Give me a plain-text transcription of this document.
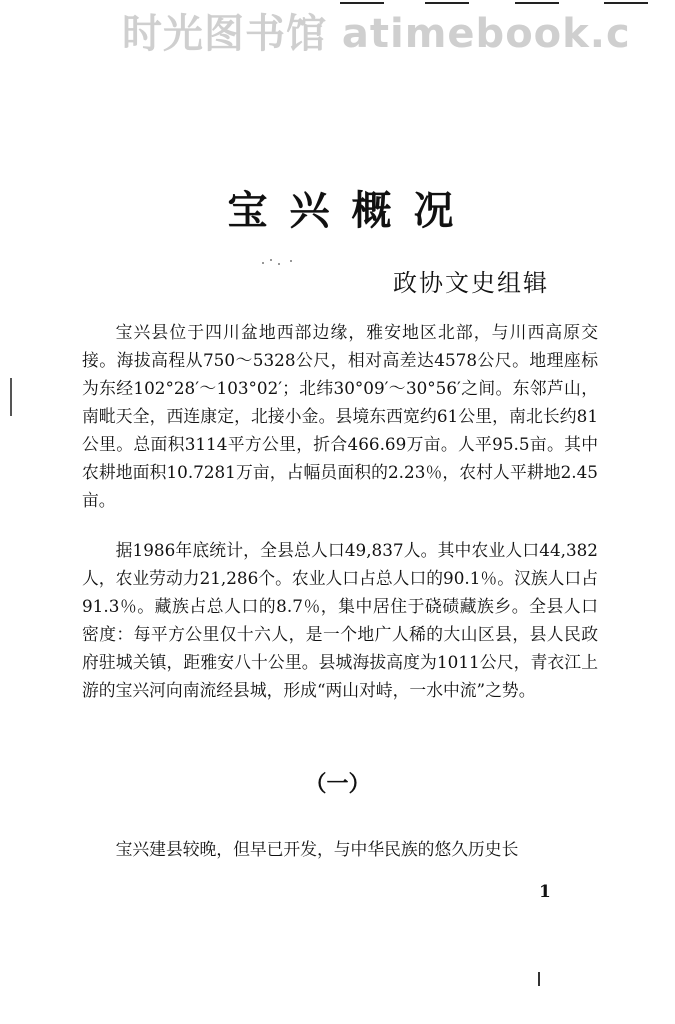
时光图书馆 atimebook.c
宝兴概况
政协文史组辑

宝兴县位于四川盆地西部边缘，雅安地区北部，与川西高原交接。海拔高程从750～5328公尺，相对高差达4578公尺。地理座标为东经102°28′～103°02′；北纬30°09′～30°56′之间。东邻芦山，南毗天全，西连康定，北接小金。县境东西宽约61公里，南北长约81公里。总面积3114平方公里，折合466.69万亩。人平95.5亩。其中农耕地面积10.7281万亩，占幅员面积的2.23％，农村人平耕地2.45亩。

据1986年底统计，全县总人口49,837人。其中农业人口44,382人，农业劳动力21,286个。农业人口占总人口的90.1％。汉族人口占91.3％。藏族占总人口的8.7％，集中居住于硗碛藏族乡。全县人口密度：每平方公里仅十六人，是一个地广人稀的大山区县，县人民政府驻城关镇，距雅安八十公里。县城海拔高度为1011公尺，青衣江上游的宝兴河向南流经县城，形成“两山对峙，一水中流”之势。

（一）

宝兴建县较晚，但早已开发，与中华民族的悠久历史长

1
